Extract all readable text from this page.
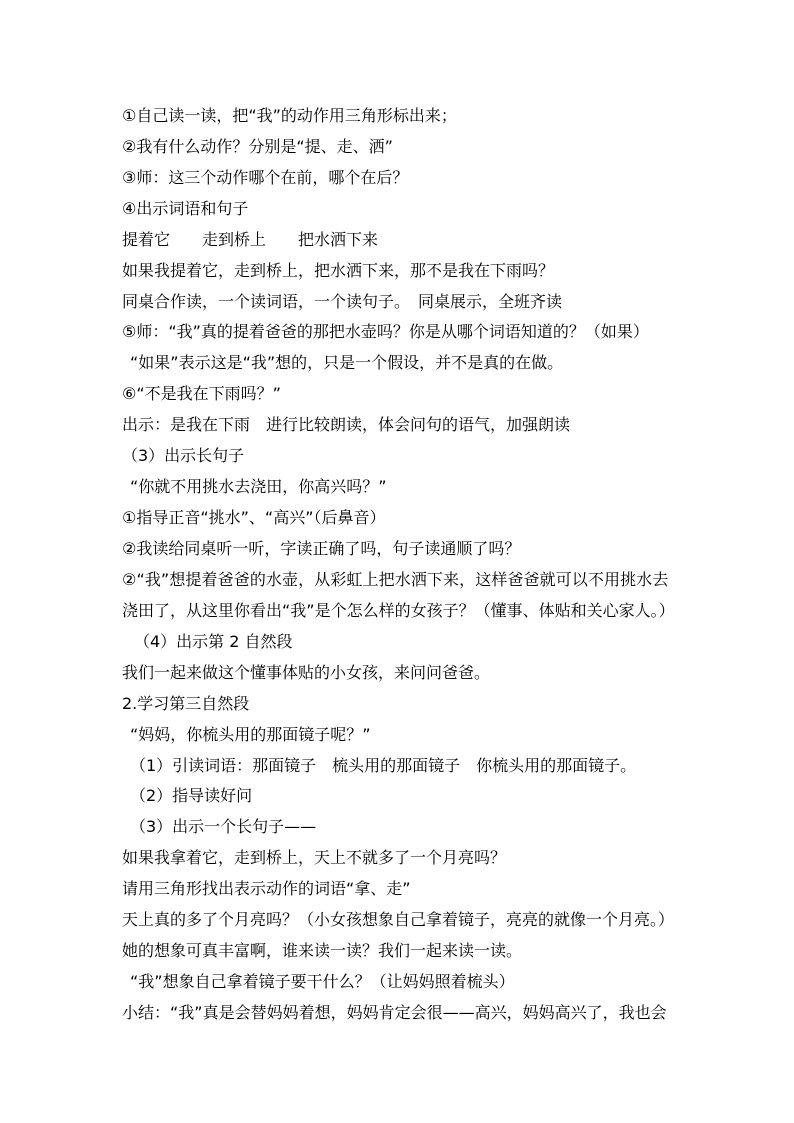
①自己读一读，把“我”的动作用三角形标出来；
②我有什么动作？分别是“提、走、洒”
③师：这三个动作哪个在前，哪个在后？
④出示词语和句子
提着它　　走到桥上　　把水洒下来
如果我提着它，走到桥上，把水洒下来，那不是我在下雨吗？
同桌合作读，一个读词语，一个读句子。　同桌展示，全班齐读
⑤师：“我”真的提着爸爸的那把水壶吗？你是从哪个词语知道的？（如果）
“如果”表示这是“我”想的，只是一个假设，并不是真的在做。
⑥“不是我在下雨吗？”
出示：是我在下雨　进行比较朗读，体会问句的语气，加强朗读
（3）出示长句子
“你就不用挑水去浇田，你高兴吗？”
①指导正音“挑水”、“高兴”（后鼻音）
②我读给同桌听一听，字读正确了吗，句子读通顺了吗？
②“我”想提着爸爸的水壶，从彩虹上把水洒下来，这样爸爸就可以不用挑水去
浇田了，从这里你看出“我”是个怎么样的女孩子？（懂事、体贴和关心家人。）
（4）出示第 2 自然段
我们一起来做这个懂事体贴的小女孩，来问问爸爸。
2.学习第三自然段
“妈妈，你梳头用的那面镜子呢？”
（1）引读词语：那面镜子　梳头用的那面镜子　你梳头用的那面镜子。
（2）指导读好问
（3）出示一个长句子——
如果我拿着它，走到桥上，天上不就多了一个月亮吗？
请用三角形找出表示动作的词语“拿、走”
天上真的多了个月亮吗？（小女孩想象自己拿着镜子，亮亮的就像一个月亮。）
她的想象可真丰富啊，谁来读一读？我们一起来读一读。
“我”想象自己拿着镜子要干什么？（让妈妈照着梳头）
小结：“我”真是会替妈妈着想，妈妈肯定会很——高兴，妈妈高兴了，我也会
